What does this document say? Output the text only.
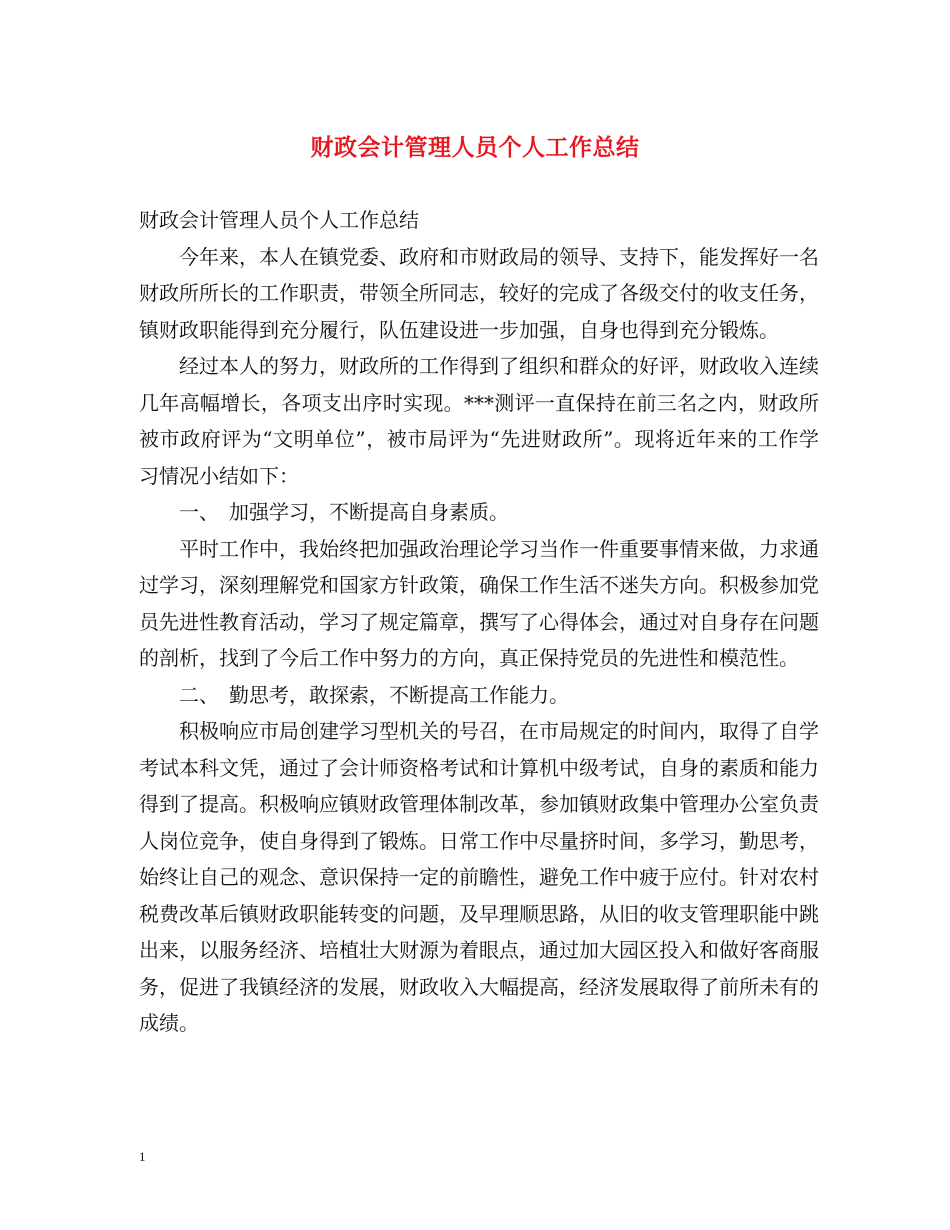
财政会计管理人员个人工作总结

财政会计管理人员个人工作总结

今年来，本人在镇党委、政府和市财政局的领导、支持下，能发挥好一名财政所所长的工作职责，带领全所同志，较好的完成了各级交付的收支任务，镇财政职能得到充分履行，队伍建设进一步加强，自身也得到充分锻炼。

经过本人的努力，财政所的工作得到了组织和群众的好评，财政收入连续几年高幅增长，各项支出序时实现。***测评一直保持在前三名之内，财政所被市政府评为“文明单位”，被市局评为“先进财政所”。现将近年来的工作学习情况小结如下：

一、　加强学习，不断提高自身素质。

平时工作中，我始终把加强政治理论学习当作一件重要事情来做，力求通过学习，深刻理解党和国家方针政策，确保工作生活不迷失方向。积极参加党员先进性教育活动，学习了规定篇章，撰写了心得体会，通过对自身存在问题的剖析，找到了今后工作中努力的方向，真正保持党员的先进性和模范性。

二、　勤思考，敢探索，不断提高工作能力。

积极响应市局创建学习型机关的号召，在市局规定的时间内，取得了自学考试本科文凭，通过了会计师资格考试和计算机中级考试，自身的素质和能力得到了提高。积极响应镇财政管理体制改革，参加镇财政集中管理办公室负责人岗位竞争，使自身得到了锻炼。日常工作中尽量挤时间，多学习，勤思考，始终让自己的观念、意识保持一定的前瞻性，避免工作中疲于应付。针对农村税费改革后镇财政职能转变的问题，及早理顺思路，从旧的收支管理职能中跳出来，以服务经济、培植壮大财源为着眼点，通过加大园区投入和做好客商服务，促进了我镇经济的发展，财政收入大幅提高，经济发展取得了前所未有的成绩。

1
